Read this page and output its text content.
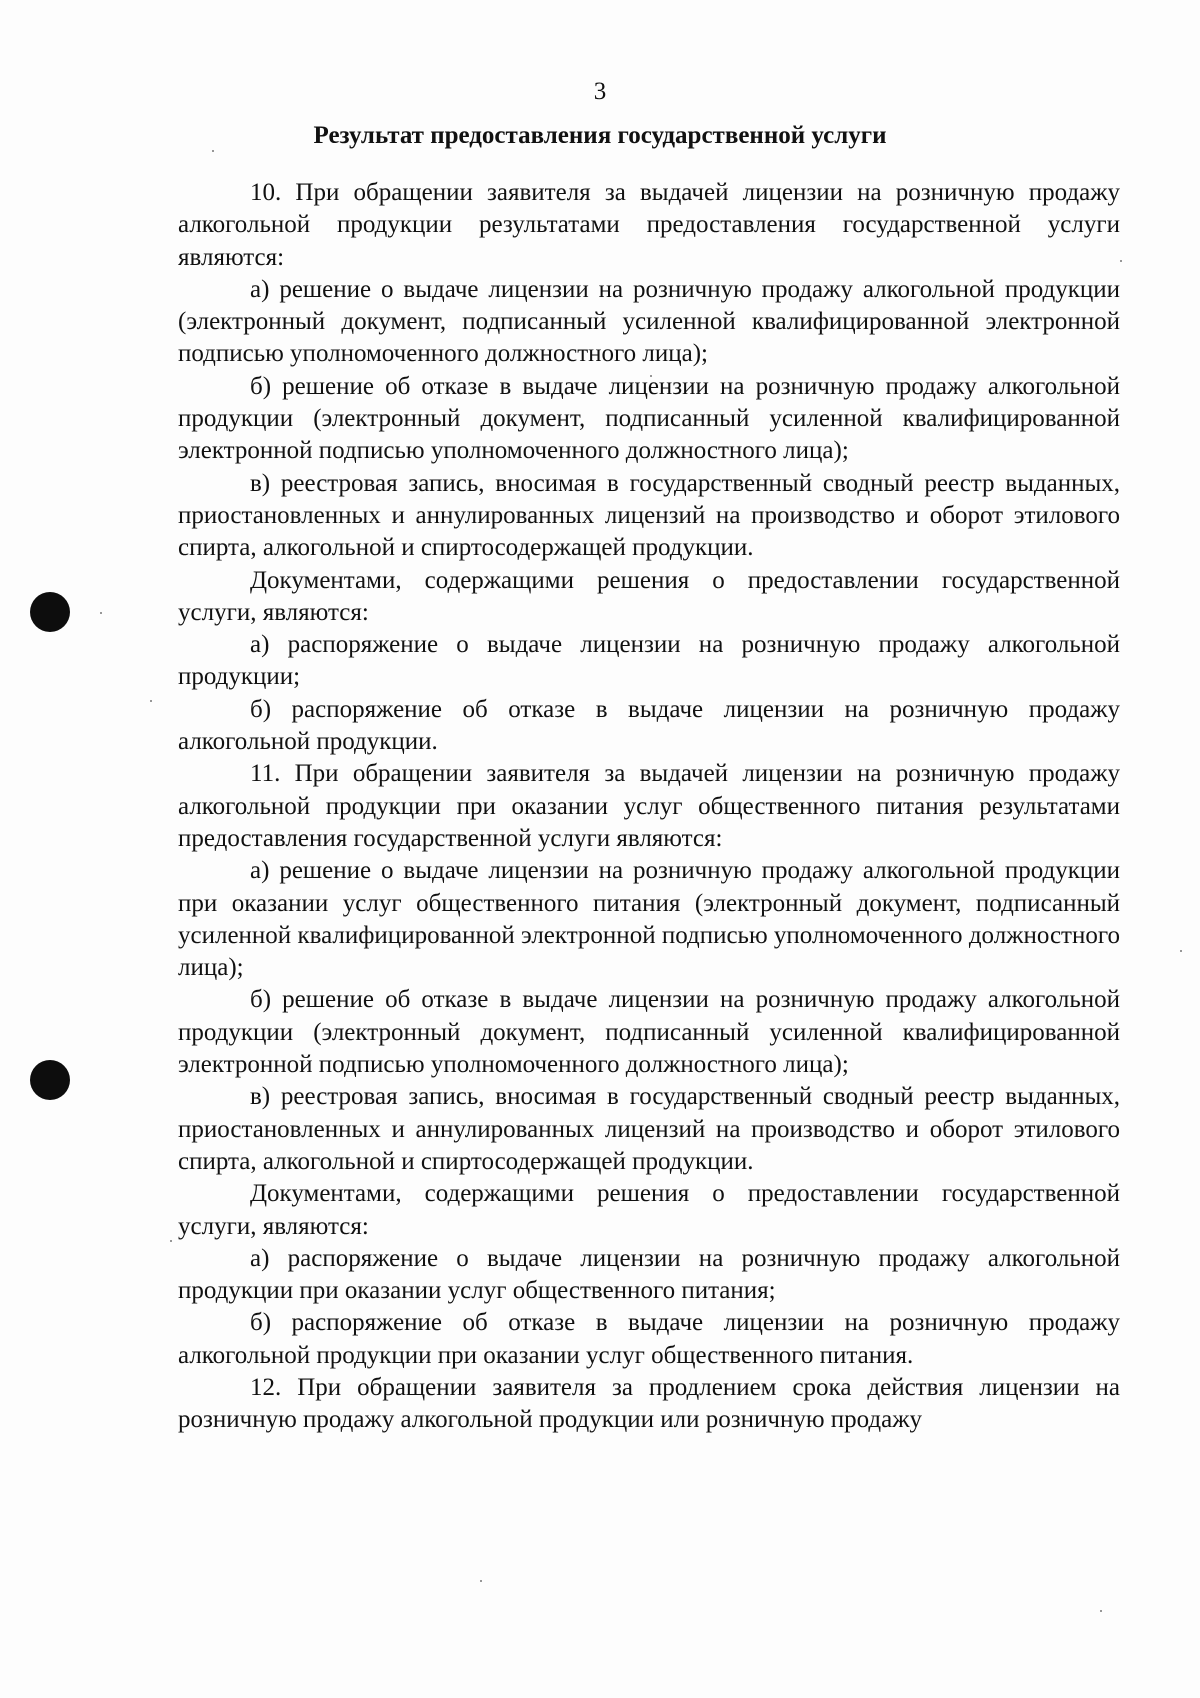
3
Результат предоставления государственной услуги

10. При обращении заявителя за выдачей лицензии на розничную продажу алкогольной продукции результатами предоставления государственной услуги являются:

а) решение о выдаче лицензии на розничную продажу алкогольной продукции (электронный документ, подписанный усиленной квалифицированной электронной подписью уполномоченного должностного лица);

б) решение об отказе в выдаче лицензии на розничную продажу алкогольной продукции (электронный документ, подписанный усиленной квалифицированной электронной подписью уполномоченного должностного лица);

в) реестровая запись, вносимая в государственный сводный реестр выданных, приостановленных и аннулированных лицензий на производство и оборот этилового спирта, алкогольной и спиртосодержащей продукции.

Документами, содержащими решения о предоставлении государственной услуги, являются:

а) распоряжение о выдаче лицензии на розничную продажу алкогольной продукции;

б) распоряжение об отказе в выдаче лицензии на розничную продажу алкогольной продукции.

11. При обращении заявителя за выдачей лицензии на розничную продажу алкогольной продукции при оказании услуг общественного питания результатами предоставления государственной услуги являются:

а) решение о выдаче лицензии на розничную продажу алкогольной продукции при оказании услуг общественного питания (электронный документ, подписанный усиленной квалифицированной электронной подписью уполномоченного должностного лица);

б) решение об отказе в выдаче лицензии на розничную продажу алкогольной продукции (электронный документ, подписанный усиленной квалифицированной электронной подписью уполномоченного должностного лица);

в) реестровая запись, вносимая в государственный сводный реестр выданных, приостановленных и аннулированных лицензий на производство и оборот этилового спирта, алкогольной и спиртосодержащей продукции.

Документами, содержащими решения о предоставлении государственной услуги, являются:

а) распоряжение о выдаче лицензии на розничную продажу алкогольной продукции при оказании услуг общественного питания;

б) распоряжение об отказе в выдаче лицензии на розничную продажу алкогольной продукции при оказании услуг общественного питания.

12. При обращении заявителя за продлением срока действия лицензии на розничную продажу алкогольной продукции или розничную продажу
